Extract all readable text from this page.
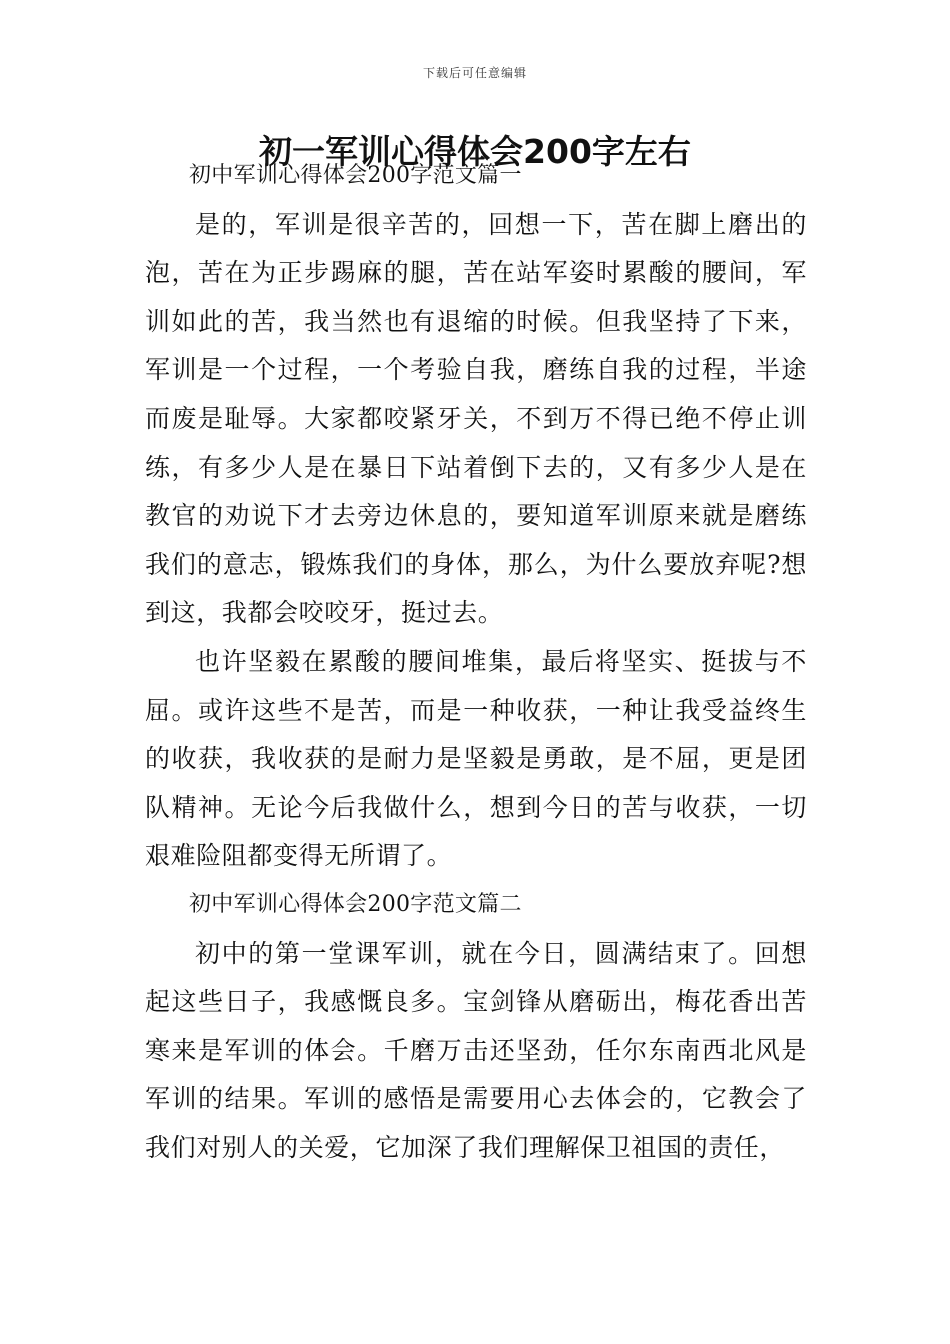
下载后可任意编辑
初一军训心得体会200字左右

初中军训心得体会200字范文篇一

是的，军训是很辛苦的，回想一下，苦在脚上磨出的泡，苦在为正步踢麻的腿，苦在站军姿时累酸的腰间，军训如此的苦，我当然也有退缩的时候。但我坚持了下来，军训是一个过程，一个考验自我，磨练自我的过程，半途而废是耻辱。大家都咬紧牙关，不到万不得已绝不停止训练，有多少人是在暴日下站着倒下去的，又有多少人是在教官的劝说下才去旁边休息的，要知道军训原来就是磨练我们的意志，锻炼我们的身体，那么，为什么要放弃呢?想到这，我都会咬咬牙，挺过去。

也许坚毅在累酸的腰间堆集，最后将坚实、挺拔与不屈。或许这些不是苦，而是一种收获，一种让我受益终生的收获，我收获的是耐力是坚毅是勇敢，是不屈，更是团队精神。无论今后我做什么，想到今日的苦与收获，一切艰难险阻都变得无所谓了。

初中军训心得体会200字范文篇二

初中的第一堂课军训，就在今日，圆满结束了。回想起这些日子，我感慨良多。宝剑锋从磨砺出，梅花香出苦寒来是军训的体会。千磨万击还坚劲，任尔东南西北风是军训的结果。军训的感悟是需要用心去体会的，它教会了我们对别人的关爱，它加深了我们理解保卫祖国的责任，
